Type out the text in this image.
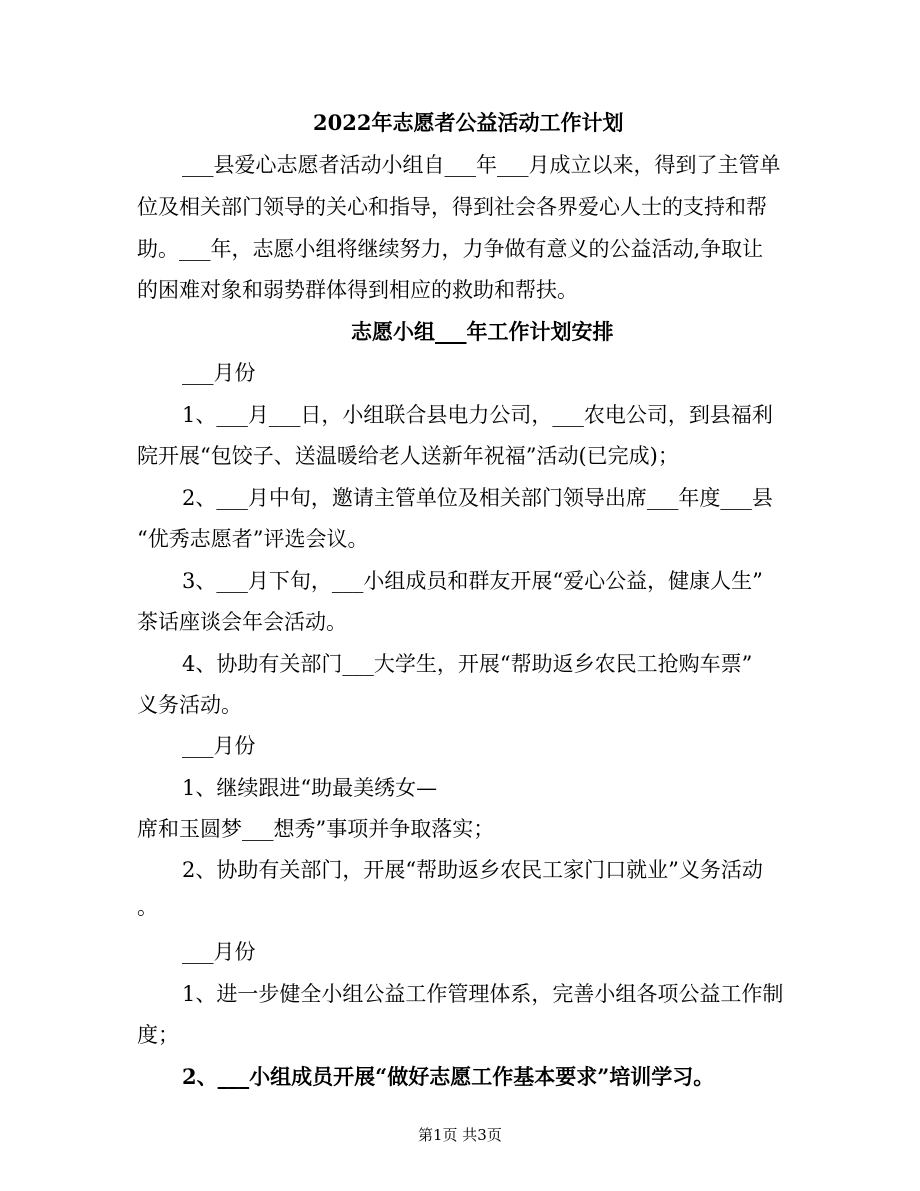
2022年志愿者公益活动工作计划
___县爱心志愿者活动小组自___年___月成立以来，得到了主管单
位及相关部门领导的关心和指导，得到社会各界爱心人士的支持和帮
助。___年，志愿小组将继续努力，力争做有意义的公益活动,争取让
的困难对象和弱势群体得到相应的救助和帮扶。
志愿小组___年工作计划安排
___月份
1、___月___日，小组联合县电力公司，___农电公司，到县福利
院开展“包饺子、送温暖给老人送新年祝福”活动(已完成)；
2、___月中旬，邀请主管单位及相关部门领导出席___年度___县
“优秀志愿者”评选会议。
3、___月下旬，___小组成员和群友开展“爱心公益，健康人生”
茶话座谈会年会活动。
4、协助有关部门___大学生，开展“帮助返乡农民工抢购车票”
义务活动。
___月份
1、继续跟进“助最美绣女—
席和玉圆梦___想秀”事项并争取落实；
2、协助有关部门，开展“帮助返乡农民工家门口就业”义务活动
。
___月份
1、进一步健全小组公益工作管理体系，完善小组各项公益工作制
度；
2、___小组成员开展“做好志愿工作基本要求”培训学习。
第1页 共3页
